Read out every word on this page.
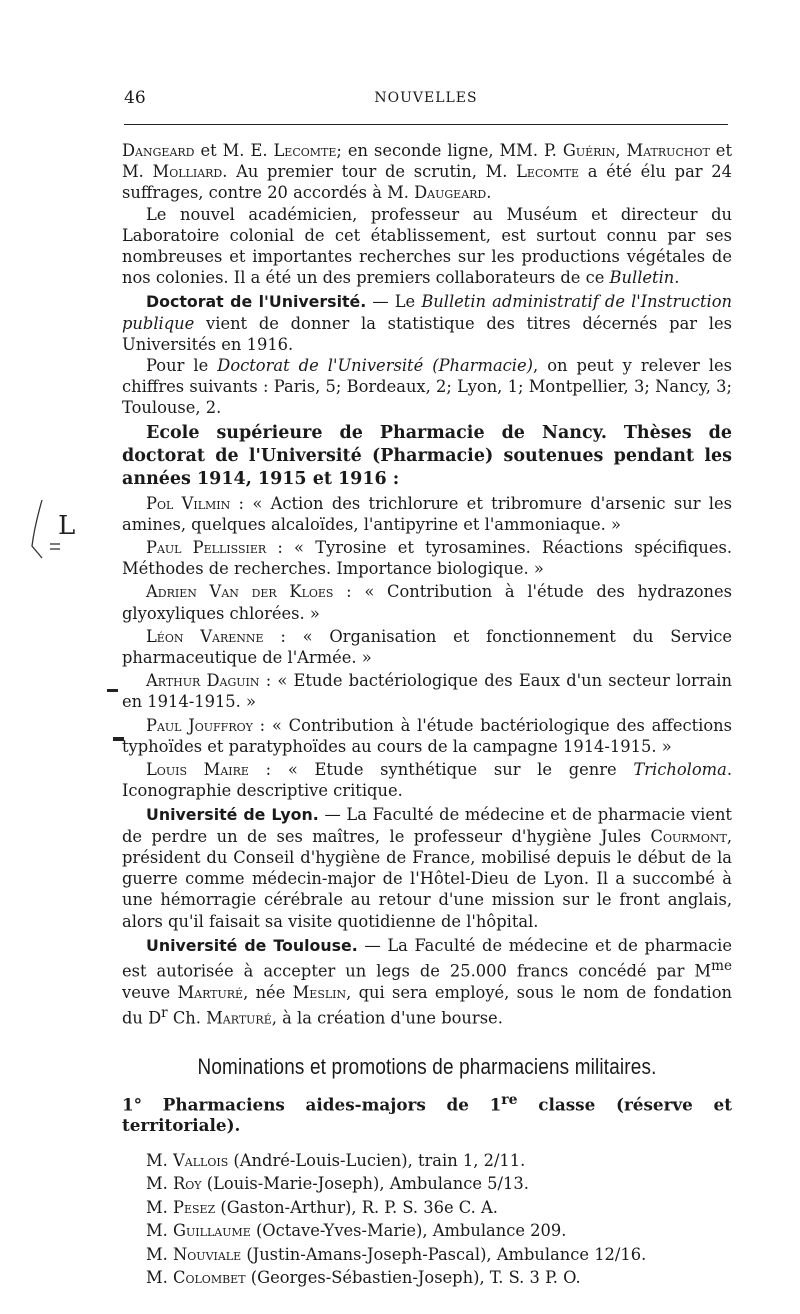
46	NOUVELLES
L

Dangeard et M. E. Lecomte; en seconde ligne, MM. P. Guérin, Matruchot et M. Molliard. Au premier tour de scrutin, M. Lecomte a été élu par 24 suffrages, contre 20 accordés à M. Daugeard.

Le nouvel académicien, professeur au Muséum et directeur du Laboratoire colonial de cet établissement, est surtout connu par ses nombreuses et importantes recherches sur les productions végétales de nos colonies. Il a été un des premiers collaborateurs de ce Bulletin.

Doctorat de l'Université. — Le Bulletin administratif de l'Instruction publique vient de donner la statistique des titres décernés par les Universités en 1916.

Pour le Doctorat de l'Université (Pharmacie), on peut y relever les chiffres suivants : Paris, 5; Bordeaux, 2; Lyon, 1; Montpellier, 3; Nancy, 3; Toulouse, 2.

Ecole supérieure de Pharmacie de Nancy. Thèses de doctorat de l'Université (Pharmacie) soutenues pendant les années 1914, 1915 et 1916 :

Pol Vilmin : « Action des trichlorure et tribromure d'arsenic sur les amines, quelques alcaloïdes, l'antipyrine et l'ammoniaque. »

Paul Pellissier : « Tyrosine et tyrosamines. Réactions spécifiques. Méthodes de recherches. Importance biologique. »

Adrien Van der Kloes : « Contribution à l'étude des hydrazones glyoxyliques chlorées. »

Léon Varenne : « Organisation et fonctionnement du Service pharmaceutique de l'Armée. »

Arthur Daguin : « Etude bactériologique des Eaux d'un secteur lorrain en 1914-1915. »

Paul Jouffroy : « Contribution à l'étude bactériologique des affections typhoïdes et paratyphoïdes au cours de la campagne 1914-1915. »

Louis Maire : « Etude synthétique sur le genre Tricholoma. Iconographie descriptive critique.

Université de Lyon. — La Faculté de médecine et de pharmacie vient de perdre un de ses maîtres, le professeur d'hygiène Jules Courmont, président du Conseil d'hygiène de France, mobilisé depuis le début de la guerre comme médecin-major de l'Hôtel-Dieu de Lyon. Il a succombé à une hémorragie cérébrale au retour d'une mission sur le front anglais, alors qu'il faisait sa visite quotidienne de l'hôpital.

Université de Toulouse. — La Faculté de médecine et de pharmacie est autorisée à accepter un legs de 25.000 francs concédé par $M^{me}$ veuve Marturé, née Meslin, qui sera employé, sous le nom de fondation du $D^r$ Ch. Marturé, à la création d'une bourse.

Nominations et promotions de pharmaciens militaires.

1° Pharmaciens aides-majors de 1re classe (réserve et territoriale).

M. Vallois (André-Louis-Lucien), train 1, 2/11.

M. Roy (Louis-Marie-Joseph), Ambulance 5/13.

M. Pesez (Gaston-Arthur), R. P. S. 36e C. A.

M. Guillaume (Octave-Yves-Marie), Ambulance 209.

M. Nouviale (Justin-Amans-Joseph-Pascal), Ambulance 12/16.

M. Colombet (Georges-Sébastien-Joseph), T. S. 3 P. O.
